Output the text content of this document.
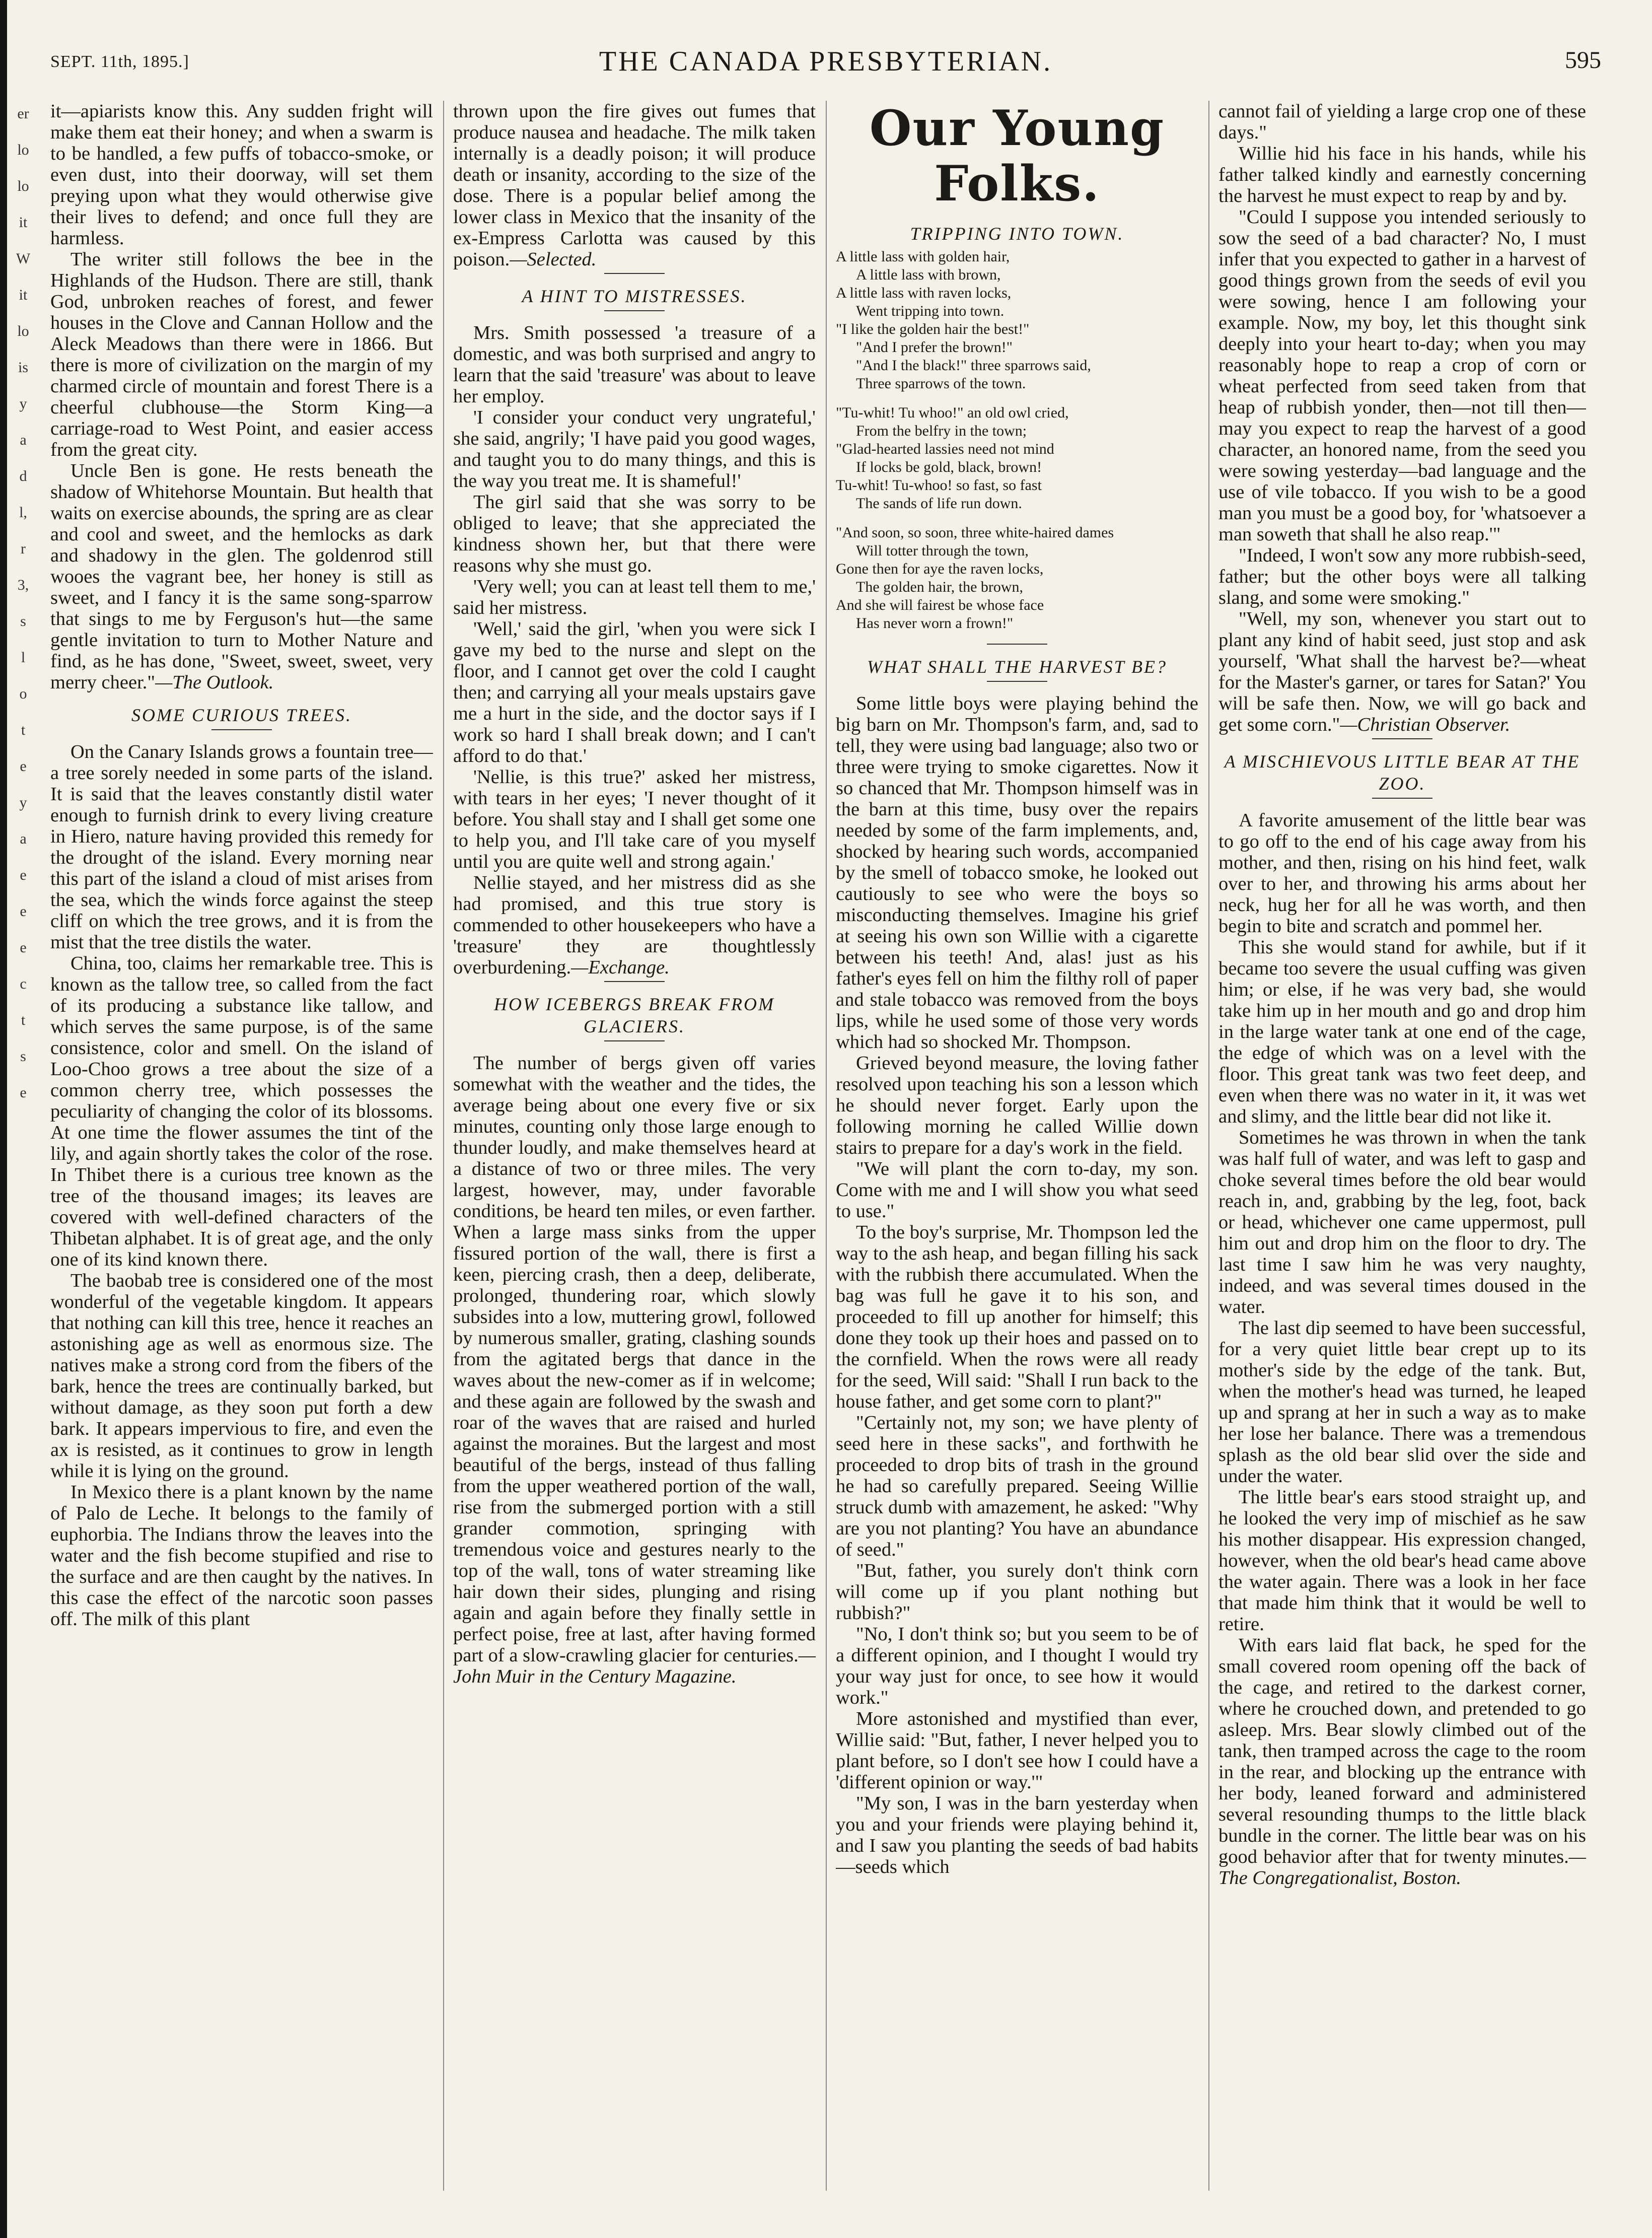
er
lo
lo
it
W
it
lo
is
y
a
d
l,
r
3,
s
l
o
t
e
y
a
e
e
e
c
t
s
e
SEPT. 11th, 1895.]	THE CANADA PRESBYTERIAN.	595

it—apiarists know this. Any sudden fright will make them eat their honey; and when a swarm is to be handled, a few puffs of tobacco-smoke, or even dust, into their doorway, will set them preying upon what they would otherwise give their lives to defend; and once full they are harmless.

The writer still follows the bee in the Highlands of the Hudson. There are still, thank God, unbroken reaches of forest, and fewer houses in the Clove and Cannan Hollow and the Aleck Meadows than there were in 1866. But there is more of civilization on the margin of my charmed circle of mountain and forest There is a cheerful clubhouse—the Storm King—a carriage-road to West Point, and easier access from the great city.

Uncle Ben is gone. He rests beneath the shadow of Whitehorse Mountain. But health that waits on exercise abounds, the spring are as clear and cool and sweet, and the hemlocks as dark and shadowy in the glen. The goldenrod still wooes the vagrant bee, her honey is still as sweet, and I fancy it is the same song-sparrow that sings to me by Ferguson's hut—the same gentle invitation to turn to Mother Nature and find, as he has done, "Sweet, sweet, sweet, very merry cheer."—The Outlook.

SOME CURIOUS TREES.

On the Canary Islands grows a fountain tree—a tree sorely needed in some parts of the island. It is said that the leaves constantly distil water enough to furnish drink to every living creature in Hiero, nature having provided this remedy for the drought of the island. Every morning near this part of the island a cloud of mist arises from the sea, which the winds force against the steep cliff on which the tree grows, and it is from the mist that the tree distils the water.

China, too, claims her remarkable tree. This is known as the tallow tree, so called from the fact of its producing a substance like tallow, and which serves the same purpose, is of the same consistence, color and smell. On the island of Loo-Choo grows a tree about the size of a common cherry tree, which possesses the peculiarity of changing the color of its blossoms. At one time the flower assumes the tint of the lily, and again shortly takes the color of the rose. In Thibet there is a curious tree known as the tree of the thousand images; its leaves are covered with well-defined characters of the Thibetan alphabet. It is of great age, and the only one of its kind known there.

The baobab tree is considered one of the most wonderful of the vegetable kingdom. It appears that nothing can kill this tree, hence it reaches an astonishing age as well as enormous size. The natives make a strong cord from the fibers of the bark, hence the trees are continually barked, but without damage, as they soon put forth a dew bark. It appears impervious to fire, and even the ax is resisted, as it continues to grow in length while it is lying on the ground.

In Mexico there is a plant known by the name of Palo de Leche. It belongs to the family of euphorbia. The Indians throw the leaves into the water and the fish become stupified and rise to the surface and are then caught by the natives. In this case the effect of the narcotic soon passes off. The milk of this plant

thrown upon the fire gives out fumes that produce nausea and headache. The milk taken internally is a deadly poison; it will produce death or insanity, according to the size of the dose. There is a popular belief among the lower class in Mexico that the insanity of the ex-Empress Carlotta was caused by this poison.—Selected.

A HINT TO MISTRESSES.

Mrs. Smith possessed 'a treasure of a domestic, and was both surprised and angry to learn that the said 'treasure' was about to leave her employ.

'I consider your conduct very ungrateful,' she said, angrily; 'I have paid you good wages, and taught you to do many things, and this is the way you treat me. It is shameful!'

The girl said that she was sorry to be obliged to leave; that she appreciated the kindness shown her, but that there were reasons why she must go.

'Very well; you can at least tell them to me,' said her mistress.

'Well,' said the girl, 'when you were sick I gave my bed to the nurse and slept on the floor, and I cannot get over the cold I caught then; and carrying all your meals upstairs gave me a hurt in the side, and the doctor says if I work so hard I shall break down; and I can't afford to do that.'

'Nellie, is this true?' asked her mistress, with tears in her eyes; 'I never thought of it before. You shall stay and I shall get some one to help you, and I'll take care of you myself until you are quite well and strong again.'

Nellie stayed, and her mistress did as she had promised, and this true story is commended to other housekeepers who have a 'treasure' they are thoughtlessly overburdening.—Exchange.

HOW ICEBERGS BREAK FROM GLACIERS.

The number of bergs given off varies somewhat with the weather and the tides, the average being about one every five or six minutes, counting only those large enough to thunder loudly, and make themselves heard at a distance of two or three miles. The very largest, however, may, under favorable conditions, be heard ten miles, or even farther. When a large mass sinks from the upper fissured portion of the wall, there is first a keen, piercing crash, then a deep, deliberate, prolonged, thundering roar, which slowly subsides into a low, muttering growl, followed by numerous smaller, grating, clashing sounds from the agitated bergs that dance in the waves about the new-comer as if in welcome; and these again are followed by the swash and roar of the waves that are raised and hurled against the moraines. But the largest and most beautiful of the bergs, instead of thus falling from the upper weathered portion of the wall, rise from the submerged portion with a still grander commotion, springing with tremendous voice and gestures nearly to the top of the wall, tons of water streaming like hair down their sides, plunging and rising again and again before they finally settle in perfect poise, free at last, after having formed part of a slow-crawling glacier for centuries.—John Muir in the Century Magazine.

Our Young Folks.
TRIPPING INTO TOWN.

A little lass with golden hair,

A little lass with brown,

A little lass with raven locks,

Went tripping into town.

"I like the golden hair the best!"

"And I prefer the brown!"

"And I the black!" three sparrows said,

Three sparrows of the town.

"Tu-whit! Tu whoo!" an old owl cried,

From the belfry in the town;

"Glad-hearted lassies need not mind

If locks be gold, black, brown!

Tu-whit! Tu-whoo! so fast, so fast

The sands of life run down.

"And soon, so soon, three white-haired dames

Will totter through the town,

Gone then for aye the raven locks,

The golden hair, the brown,

And she will fairest be whose face

Has never worn a frown!"

WHAT SHALL THE HARVEST BE?

Some little boys were playing behind the big barn on Mr. Thompson's farm, and, sad to tell, they were using bad language; also two or three were trying to smoke cigarettes. Now it so chanced that Mr. Thompson himself was in the barn at this time, busy over the repairs needed by some of the farm implements, and, shocked by hearing such words, accompanied by the smell of tobacco smoke, he looked out cautiously to see who were the boys so misconducting themselves. Imagine his grief at seeing his own son Willie with a cigarette between his teeth! And, alas! just as his father's eyes fell on him the filthy roll of paper and stale tobacco was removed from the boys lips, while he used some of those very words which had so shocked Mr. Thompson.

Grieved beyond measure, the loving father resolved upon teaching his son a lesson which he should never forget. Early upon the following morning he called Willie down stairs to prepare for a day's work in the field.

"We will plant the corn to-day, my son. Come with me and I will show you what seed to use."

To the boy's surprise, Mr. Thompson led the way to the ash heap, and began filling his sack with the rubbish there accumulated. When the bag was full he gave it to his son, and proceeded to fill up another for himself; this done they took up their hoes and passed on to the cornfield. When the rows were all ready for the seed, Will said: "Shall I run back to the house father, and get some corn to plant?"

"Certainly not, my son; we have plenty of seed here in these sacks", and forthwith he proceeded to drop bits of trash in the ground he had so carefully prepared. Seeing Willie struck dumb with amazement, he asked: "Why are you not planting? You have an abundance of seed."

"But, father, you surely don't think corn will come up if you plant nothing but rubbish?"

"No, I don't think so; but you seem to be of a different opinion, and I thought I would try your way just for once, to see how it would work."

More astonished and mystified than ever, Willie said: "But, father, I never helped you to plant before, so I don't see how I could have a 'different opinion or way.'"

"My son, I was in the barn yesterday when you and your friends were playing behind it, and I saw you planting the seeds of bad habits—seeds which

cannot fail of yielding a large crop one of these days."

Willie hid his face in his hands, while his father talked kindly and earnestly concerning the harvest he must expect to reap by and by.

"Could I suppose you intended seriously to sow the seed of a bad character? No, I must infer that you expected to gather in a harvest of good things grown from the seeds of evil you were sowing, hence I am following your example. Now, my boy, let this thought sink deeply into your heart to-day; when you may reasonably hope to reap a crop of corn or wheat perfected from seed taken from that heap of rubbish yonder, then—not till then—may you expect to reap the harvest of a good character, an honored name, from the seed you were sowing yesterday—bad language and the use of vile tobacco. If you wish to be a good man you must be a good boy, for 'whatsoever a man soweth that shall he also reap.'"

"Indeed, I won't sow any more rubbish-seed, father; but the other boys were all talking slang, and some were smoking."

"Well, my son, whenever you start out to plant any kind of habit seed, just stop and ask yourself, 'What shall the harvest be?—wheat for the Master's garner, or tares for Satan?' You will be safe then. Now, we will go back and get some corn."—Christian Observer.

A MISCHIEVOUS LITTLE BEAR AT THE ZOO.

A favorite amusement of the little bear was to go off to the end of his cage away from his mother, and then, rising on his hind feet, walk over to her, and throwing his arms about her neck, hug her for all he was worth, and then begin to bite and scratch and pommel her.

This she would stand for awhile, but if it became too severe the usual cuffing was given him; or else, if he was very bad, she would take him up in her mouth and go and drop him in the large water tank at one end of the cage, the edge of which was on a level with the floor. This great tank was two feet deep, and even when there was no water in it, it was wet and slimy, and the little bear did not like it.

Sometimes he was thrown in when the tank was half full of water, and was left to gasp and choke several times before the old bear would reach in, and, grabbing by the leg, foot, back or head, whichever one came uppermost, pull him out and drop him on the floor to dry. The last time I saw him he was very naughty, indeed, and was several times doused in the water.

The last dip seemed to have been successful, for a very quiet little bear crept up to its mother's side by the edge of the tank. But, when the mother's head was turned, he leaped up and sprang at her in such a way as to make her lose her balance. There was a tremendous splash as the old bear slid over the side and under the water.

The little bear's ears stood straight up, and he looked the very imp of mischief as he saw his mother disappear. His expression changed, however, when the old bear's head came above the water again. There was a look in her face that made him think that it would be well to retire.

With ears laid flat back, he sped for the small covered room opening off the back of the cage, and retired to the darkest corner, where he crouched down, and pretended to go asleep. Mrs. Bear slowly climbed out of the tank, then tramped across the cage to the room in the rear, and blocking up the entrance with her body, leaned forward and administered several resounding thumps to the little black bundle in the corner. The little bear was on his good behavior after that for twenty minutes.—The Congregationalist, Boston.
